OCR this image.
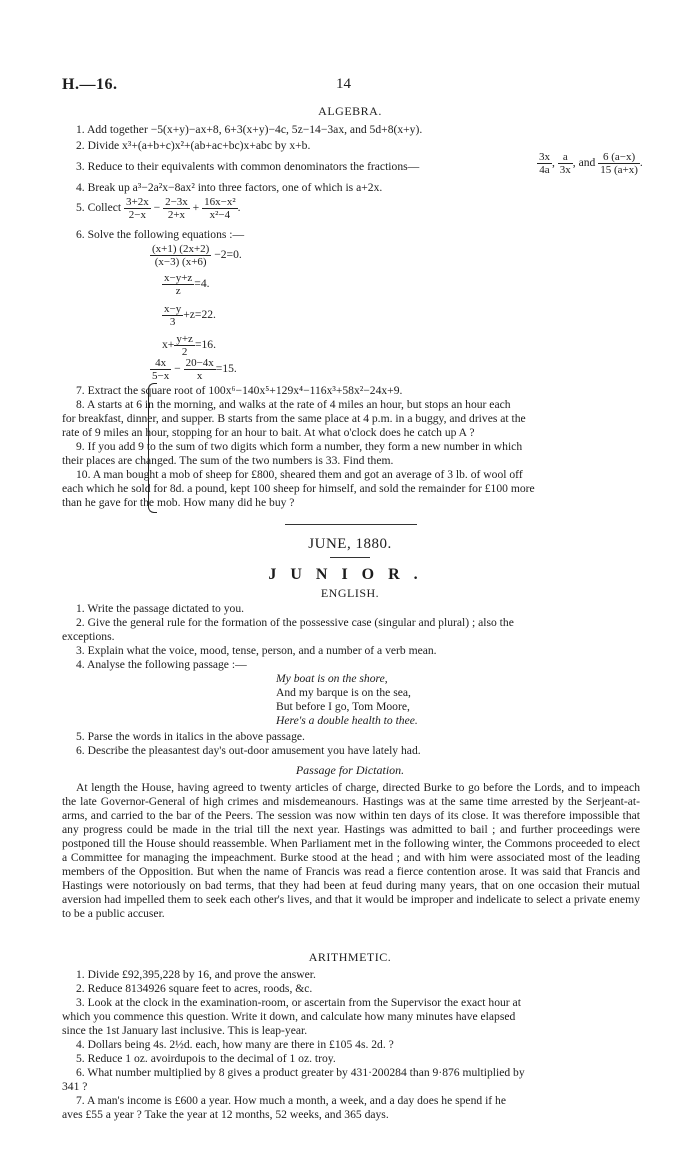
H.—16.	14
ALGEBRA.
1. Add together −5(x+y)−ax+8, 6+3(x+y)−4c, 5z−14−3ax, and 5d+8(x+y).
2. Divide x³+(a+b+c)x²+(ab+ac+bc)x+abc by x+b.
3. Reduce to their equivalents with common denominators the fractions—	$\frac{3x}{4a}$ , $\frac{a}{3x}$ , and $\frac{6 (a-x)}{15 (a+x)}$ .
4. Break up a³−2a²x−8ax² into three factors, one of which is a+2x.
5. Collect $\frac{3+2x}{2-x} - \frac{2-3x}{2+x} + \frac{\text{16x−x²}}{\text{x²−4}}$ .
6. Solve the following equations :—
$\frac{(x+1) (2x+2)}{(x-3) (x+6)} -2=0$.
$\frac{x-y+z}{z} =4$.
$\frac{x-y}{3} +z=22$.
$x+ \frac{y+z}{2} =16$.
$\frac{4x}{5-x} - \frac{20-4x}{x} =15$.
7. Extract the square root of 100x⁶−140x⁵+129x⁴−116x³+58x²−24x+9.
8. A starts at 6 in the morning, and walks at the rate of 4 miles an hour, but stops an hour each
for breakfast, dinner, and supper. B starts from the same place at 4 p.m. in a buggy, and drives at the
rate of 9 miles an hour, stopping for an hour to bait. At what o'clock does he catch up A ?
9. If you add 9 to the sum of two digits which form a number, they form a new number in which
their places are changed. The sum of the two numbers is 33. Find them.
10. A man bought a mob of sheep for £800, sheared them and got an average of 3 lb. of wool off
each which he sold for 8d. a pound, kept 100 sheep for himself, and sold the remainder for £100 more
than he gave for the mob. How many did he buy ?
JUNE, 1880.
JUNIOR.
ENGLISH.
1. Write the passage dictated to you.
2. Give the general rule for the formation of the possessive case (singular and plural) ; also the
exceptions.
3. Explain what the voice, mood, tense, person, and a number of a verb mean.
4. Analyse the following passage :—
My boat is on the shore,
And my barque is on the sea,
But before I go, Tom Moore,
Here's a double health to thee.
5. Parse the words in italics in the above passage.
6. Describe the pleasantest day's out-door amusement you have lately had.
Passage for Dictation.

At length the House, having agreed to twenty articles of charge, directed Burke to go before the Lords, and to impeach the late Governor-General of high crimes and misdemeanours. Hastings was at the same time arrested by the Serjeant-at-arms, and carried to the bar of the Peers. The session was now within ten days of its close. It was therefore impossible that any progress could be made in the trial till the next year. Hastings was admitted to bail ; and further proceedings were postponed till the House should reassemble. When Parliament met in the following winter, the Commons proceeded to elect a Committee for managing the impeachment. Burke stood at the head ; and with him were associated most of the leading members of the Opposition. But when the name of Francis was read a fierce contention arose. It was said that Francis and Hastings were notoriously on bad terms, that they had been at feud during many years, that on one occasion their mutual aversion had impelled them to seek each other's lives, and that it would be improper and indelicate to select a private enemy to be a public accuser.

ARITHMETIC.
1. Divide £92,395,228 by 16, and prove the answer.
2. Reduce 8134926 square feet to acres, roods, &c.
3. Look at the clock in the examination-room, or ascertain from the Supervisor the exact hour at
which you commence this question. Write it down, and calculate how many minutes have elapsed
since the 1st January last inclusive. This is leap-year.
4. Dollars being 4s. 2½d. each, how many are there in £105 4s. 2d. ?
5. Reduce 1 oz. avoirdupois to the decimal of 1 oz. troy.
6. What number multiplied by 8 gives a product greater by 431·200284 than 9·876 multiplied by
341 ?
7. A man's income is £600 a year. How much a month, a week, and a day does he spend if he
aves £55 a year ? Take the year at 12 months, 52 weeks, and 365 days.
